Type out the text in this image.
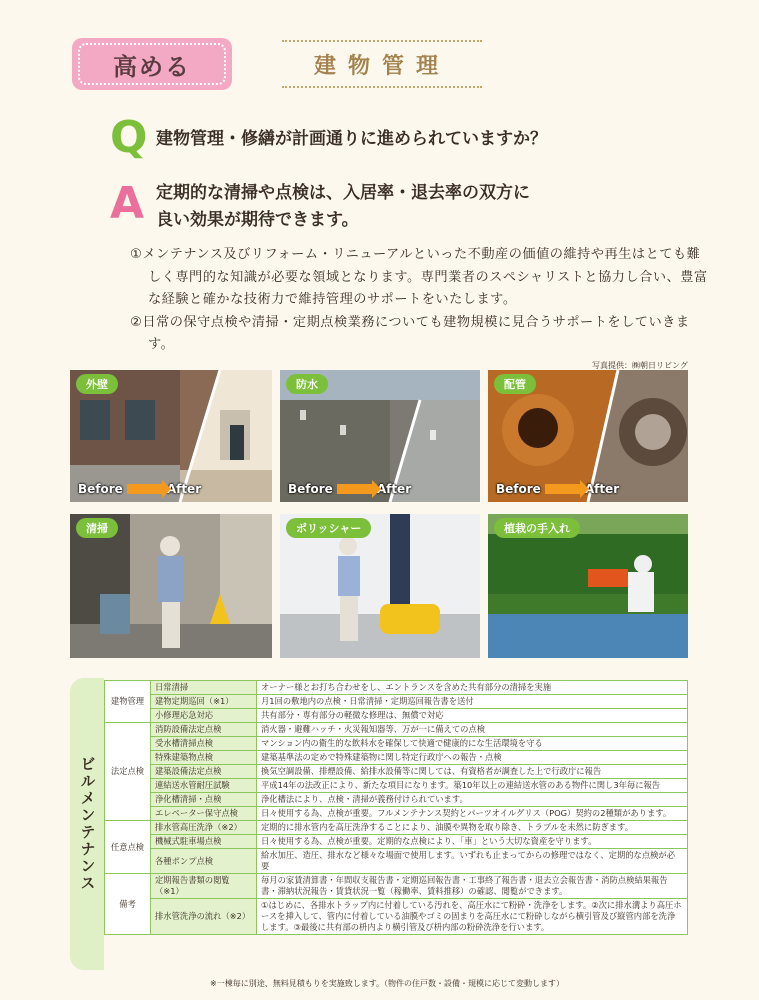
高める	建物管理
Q 建物管理・修繕が計画通りに進められていますか？
A 定期的な清掃や点検は、入居率・退去率の双方に
良い効果が期待できます。

①メンテナンス及びリフォーム・リニューアルといった不動産の価値の維持や再生はとても難しく専門的な知識が必要な領域となります。専門業者のスペシャリストと協力し合い、豊富な経験と確かな技術力で維持管理のサポートをいたします。

②日常の保守点検や清掃・定期点検業務についても建物規模に見合うサポートをしていきます。

写真提供：㈱朝日リビング
外壁
Before	After
防水
Before	After
配管
Before	After
清掃	ポリッシャー	植栽の手入れ
ビルメンテナンス
建物管理	日常清掃	オーナー様とお打ち合わせをし、エントランスを含めた共有部分の清掃を実施
	建物定期巡回（※1）	月1回の敷地内の点検・日常清掃・定期巡回報告書を送付
	小修理応急対応	共有部分・専有部分の軽微な修理は、無償で対応
法定点検	消防設備法定点検	消火器・避難ハッチ・火災報知器等、万が一に備えての点検
	受水槽清掃点検	マンション内の衛生的な飲料水を確保して快適で健康的にな生活環境を守る
	特殊建築物点検	建築基準法の定めで特殊建築物に関し特定行政庁への報告・点検
	建築設備法定点検	換気空調設備、排煙設備、給排水設備等に関しては、有資格者が調査した上で行政庁に報告
	連結送水管耐圧試験	平成14年の法改正により、新たな項目になります。築10年以上の連結送水管のある物件に関し3年毎に報告
	浄化槽清掃・点検	浄化槽法により、点検・清掃が義務付けられています。
	エレベーター保守点検	日々使用する為、点検が重要。フルメンテナンス契約とパーツオイルグリス（POG）契約の2種類があります。
任意点検	排水管高圧洗浄（※2）	定期的に排水管内を高圧洗浄することにより、油膜や異物を取り除き、トラブルを未然に防ぎます。
	機械式駐車場点検	日々使用する為、点検が重要。定期的な点検により、「車」という大切な資産を守ります。
	各種ポンプ点検	給水加圧、造圧、排水など様々な場面で使用します。いずれも止まってからの修理ではなく、定期的な点検が必要
備考	定期報告書類の閲覧（※1）	毎月の家賃清算書・年間収支報告書・定期巡回報告書・工事終了報告書・退去立会報告書・消防点検結果報告書・滞納状況報告・賃貸状況一覧（稼働率、賃料推移）の確認、閲覧ができます。
	排水管洗浄の流れ（※2）	①はじめに、各排水トラップ内に付着している汚れを、高圧水にて粉砕・洗浄をします。②次に排水溝より高圧ホースを挿入して、管内に付着している油膜やゴミの固まりを高圧水にて粉砕しながら横引管及び縦管内部を洗浄します。③最後に共有部の枡内より横引管及び枡内部の粉砕洗浄を行います。
※一棟毎に別途、無料見積もりを実施致します。（物件の住戸数・設備・規模に応じて変動します）
